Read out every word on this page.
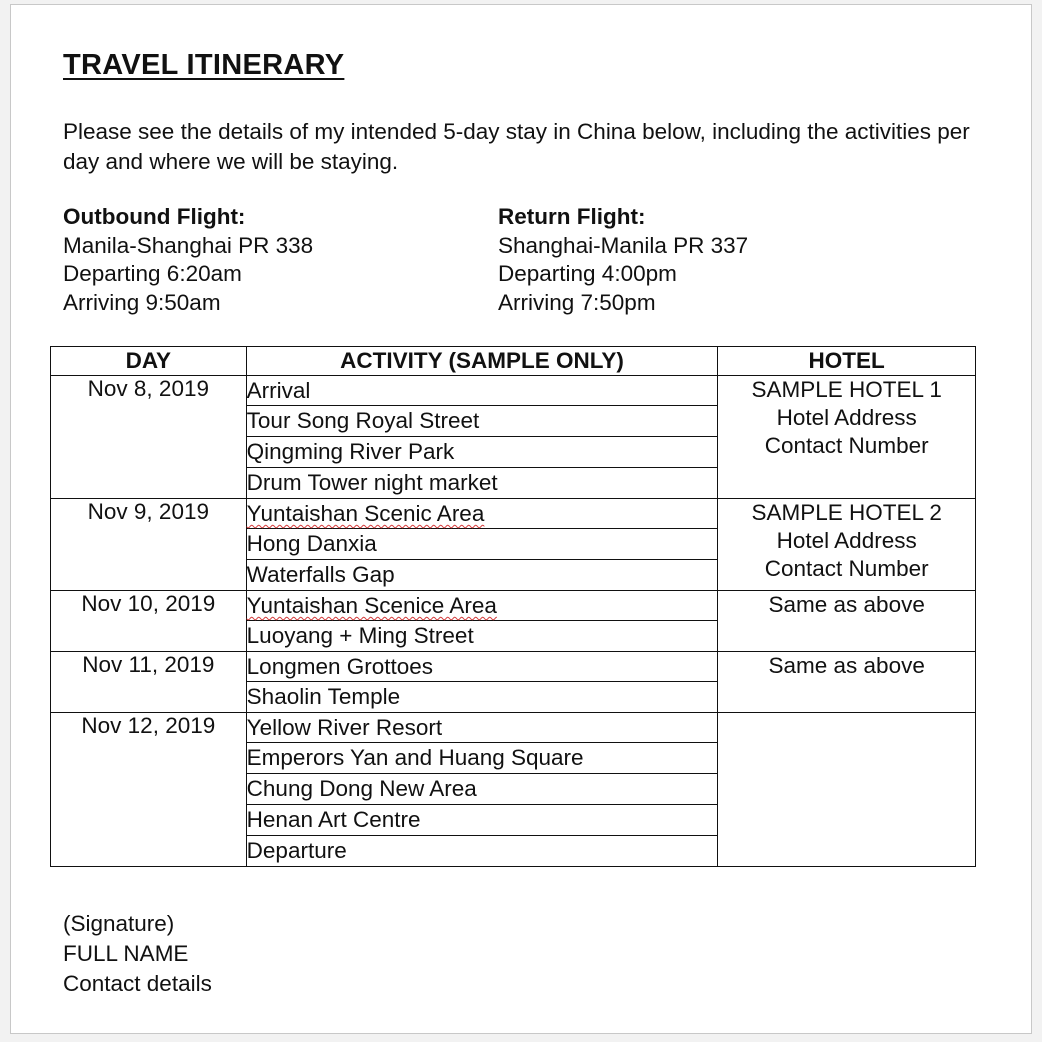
TRAVEL ITINERARY
Please see the details of my intended 5-day stay in China below, including the activities per day and where we will be staying.
Outbound Flight:
Manila-Shanghai PR 338
Departing 6:20am
Arriving 9:50am
Return Flight:
Shanghai-Manila PR 337
Departing 4:00pm
Arriving 7:50pm
DAY	ACTIVITY (SAMPLE ONLY)	HOTEL
Nov 8, 2019	Arrival	SAMPLE HOTEL 1
Hotel Address
Contact Number

	Tour Song Royal Street	
	Qingming River Park	
	Drum Tower night market	
Nov 9, 2019	Yuntaishan Scenic Area	SAMPLE HOTEL 2
Hotel Address
Contact Number

	Hong Danxia	
	Waterfalls Gap	
Nov 10, 2019	Yuntaishan Scenice Area	Same as above

	Luoyang + Ming Street	
Nov 11, 2019	Longmen Grottoes	Same as above

	Shaolin Temple	
Nov 12, 2019	Yellow River Resort	
	Emperors Yan and Huang Square	
	Chung Dong New Area	
	Henan Art Centre	
	Departure	
(Signature)
FULL NAME
Contact details
